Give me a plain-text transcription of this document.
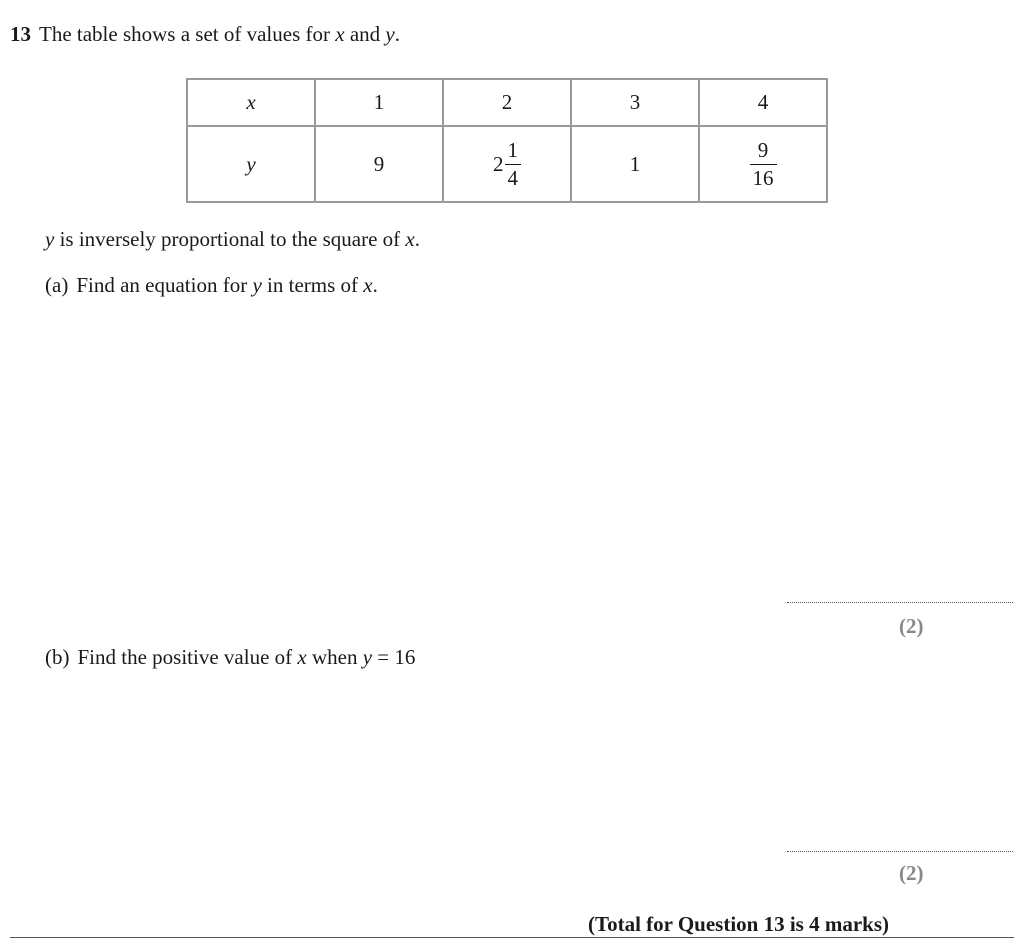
13 The table shows a set of values for x and y.
x	1	2	3	4
y	9	$2 \frac{1}{4}$	1	$\frac{9}{16}$
y is inversely proportional to the square of x.
(a) Find an equation for y in terms of x.
(2)
(b) Find the positive value of x when y = 16
(2)
(Total for Question 13 is 4 marks)
